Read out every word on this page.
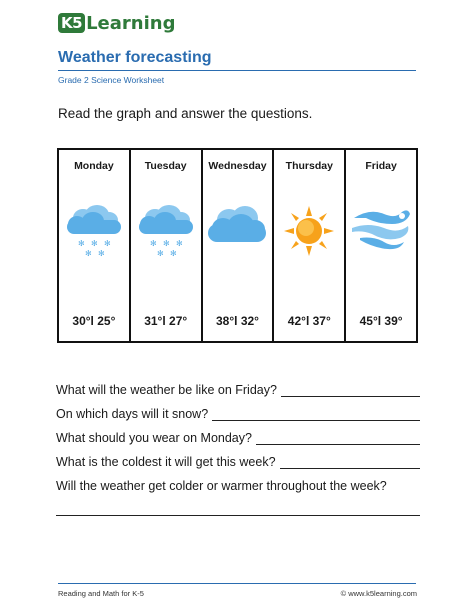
K5 Learning
Weather forecasting
Grade 2 Science Worksheet
Read the graph and answer the questions.
Monday
✻ ✻ ✻
✻ ✻
30°l 25°
Tuesday
✻ ✻ ✻
✻ ✻
31°l 27°
Wednesday
38°l 32°
Thursday
42°l 37°
Friday
45°l 39°
What will the weather be like on Friday?
On which days will it snow?
What should you wear on Monday?
What is the coldest it will get this week?
Will the weather get colder or warmer throughout the week?
Reading and Math for K-5	© www.k5learning.com
